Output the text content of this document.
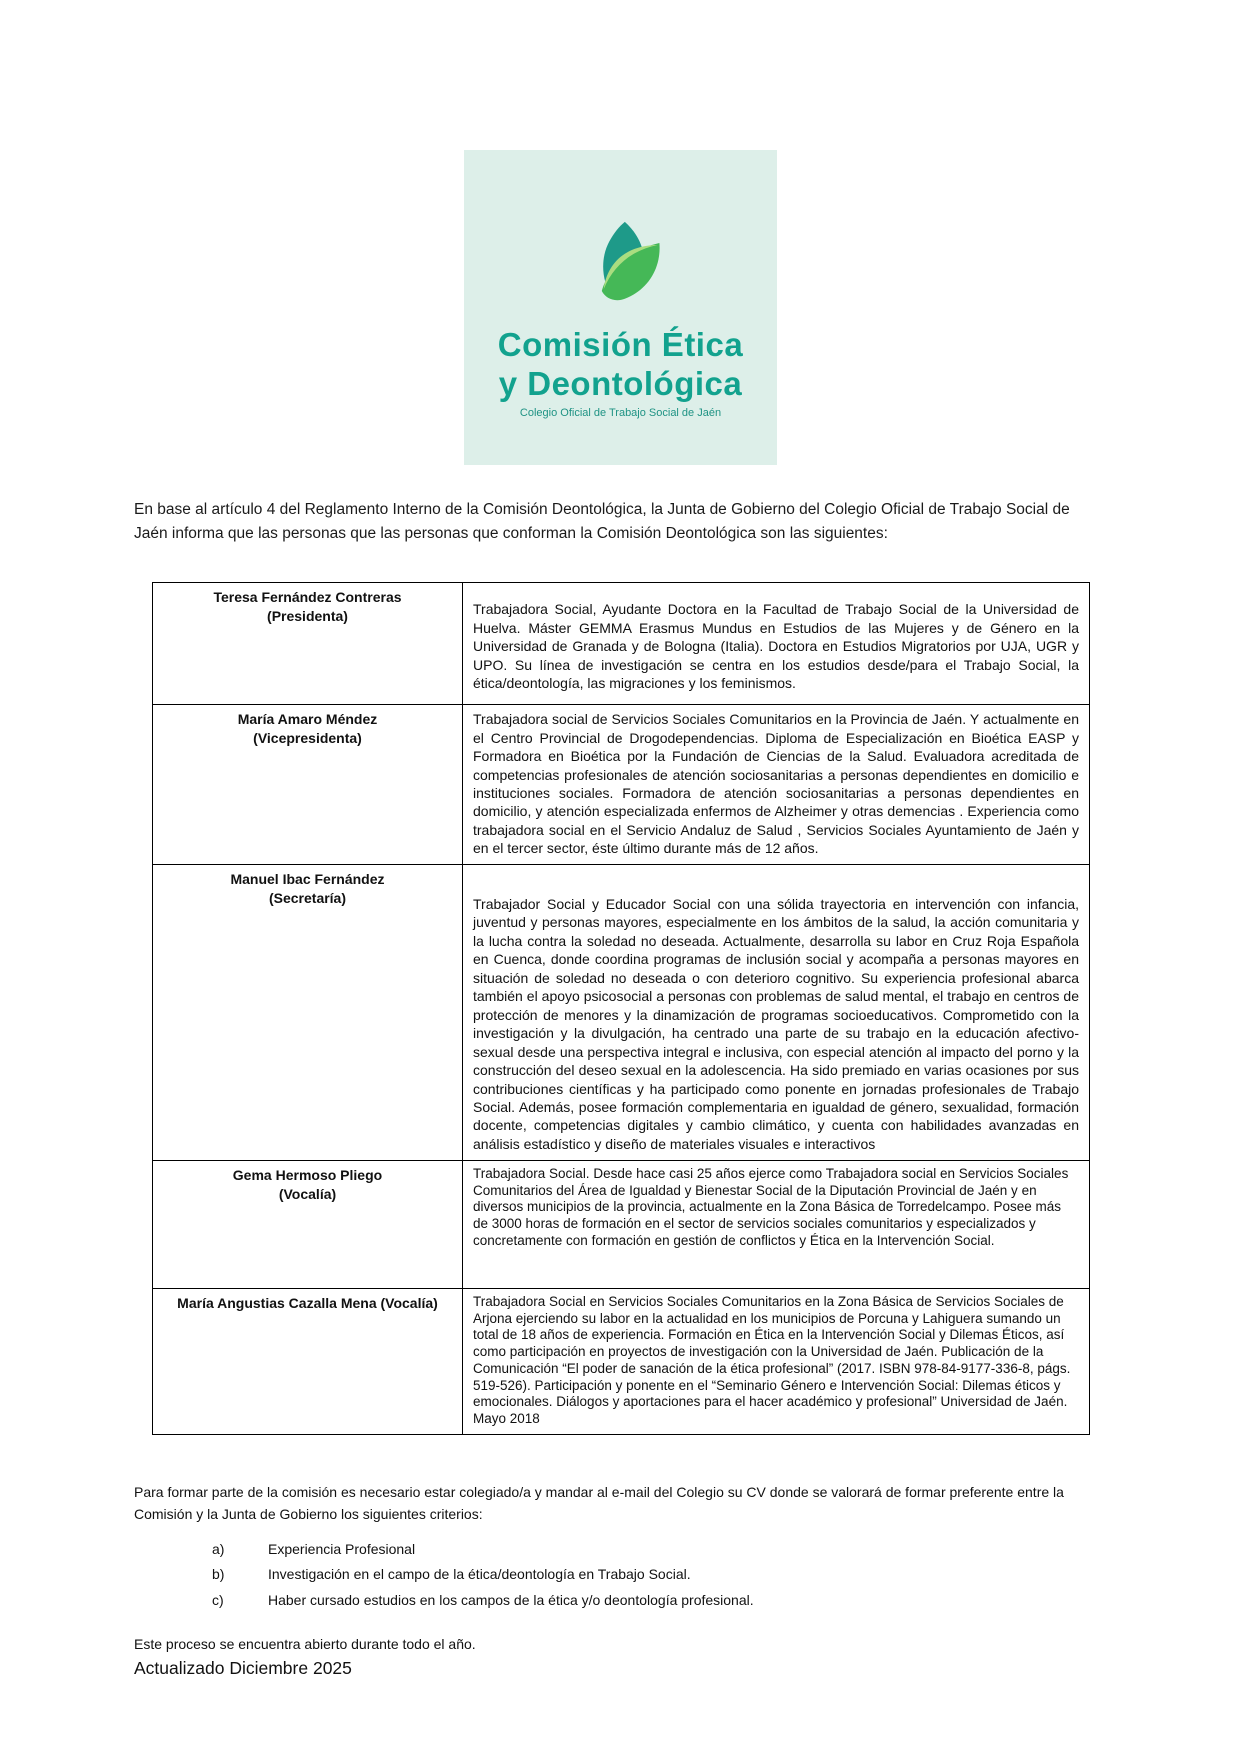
Comisión Ética
y Deontológica
Colegio Oficial de Trabajo Social de Jaén

En base al artículo 4 del Reglamento Interno de la Comisión Deontológica, la Junta de Gobierno del Colegio Oficial de Trabajo Social de Jaén informa que las personas que las personas que conforman la Comisión Deontológica son las siguientes:

Teresa Fernández Contreras
(Presidenta)	Trabajadora Social, Ayudante Doctora en la Facultad de Trabajo Social de la Universidad de Huelva. Máster GEMMA Erasmus Mundus en Estudios de las Mujeres y de Género en la Universidad de Granada y de Bologna (Italia). Doctora en Estudios Migratorios por UJA, UGR y UPO. Su línea de investigación se centra en los estudios desde/para el Trabajo Social, la ética/deontología, las migraciones y los feminismos.
María Amaro Méndez
(Vicepresidenta)	Trabajadora social de Servicios Sociales Comunitarios en la Provincia de Jaén. Y actualmente en el Centro Provincial de Drogodependencias. Diploma de Especialización en Bioética EASP y Formadora en Bioética por la Fundación de Ciencias de la Salud. Evaluadora acreditada de competencias profesionales de atención sociosanitarias a personas dependientes en domicilio e instituciones sociales. Formadora de atención sociosanitarias a personas dependientes en domicilio, y atención especializada enfermos de Alzheimer y otras demencias . Experiencia como trabajadora social en el Servicio Andaluz de Salud , Servicios Sociales Ayuntamiento de Jaén y en el tercer sector, éste último durante más de 12 años.
Manuel Ibac Fernández
(Secretaría)	Trabajador Social y Educador Social con una sólida trayectoria en intervención con infancia, juventud y personas mayores, especialmente en los ámbitos de la salud, la acción comunitaria y la lucha contra la soledad no deseada. Actualmente, desarrolla su labor en Cruz Roja Española en Cuenca, donde coordina programas de inclusión social y acompaña a personas mayores en situación de soledad no deseada o con deterioro cognitivo. Su experiencia profesional abarca también el apoyo psicosocial a personas con problemas de salud mental, el trabajo en centros de protección de menores y la dinamización de programas socioeducativos. Comprometido con la investigación y la divulgación, ha centrado una parte de su trabajo en la educación afectivo-sexual desde una perspectiva integral e inclusiva, con especial atención al impacto del porno y la construcción del deseo sexual en la adolescencia. Ha sido premiado en varias ocasiones por sus contribuciones científicas y ha participado como ponente en jornadas profesionales de Trabajo Social. Además, posee formación complementaria en igualdad de género, sexualidad, formación docente, competencias digitales y cambio climático, y cuenta con habilidades avanzadas en análisis estadístico y diseño de materiales visuales e interactivos
Gema Hermoso Pliego
(Vocalía)	Trabajadora Social. Desde hace casi 25 años ejerce como Trabajadora social en Servicios Sociales Comunitarios del Área de Igualdad y Bienestar Social de la Diputación Provincial de Jaén y en diversos municipios de la provincia, actualmente en la Zona Básica de Torredelcampo. Posee más de 3000 horas de formación en el sector de servicios sociales comunitarios y especializados y concretamente con formación en gestión de conflictos y Ética en la Intervención Social.
María Angustias Cazalla Mena (Vocalía)	Trabajadora Social en Servicios Sociales Comunitarios en la Zona Básica de Servicios Sociales de Arjona ejerciendo su labor en la actualidad en los municipios de Porcuna y Lahiguera sumando un total de 18 años de experiencia. Formación en Ética en la Intervención Social y Dilemas Éticos, así como participación en proyectos de investigación con la Universidad de Jaén. Publicación de la Comunicación “El poder de sanación de la ética profesional” (2017. ISBN 978-84-9177-336-8, págs. 519-526). Participación y ponente en el “Seminario Género e Intervención Social: Dilemas éticos y emocionales. Diálogos y aportaciones para el hacer académico y profesional” Universidad de Jaén. Mayo 2018

Para formar parte de la comisión es necesario estar colegiado/a y mandar al e-mail del Colegio su CV donde se valorará de formar preferente entre la Comisión y la Junta de Gobierno los siguientes criterios:

a)	Experiencia Profesional
b)	Investigación en el campo de la ética/deontología en Trabajo Social.
c)	Haber cursado estudios en los campos de la ética y/o deontología profesional.

Este proceso se encuentra abierto durante todo el año.

Actualizado Diciembre 2025
